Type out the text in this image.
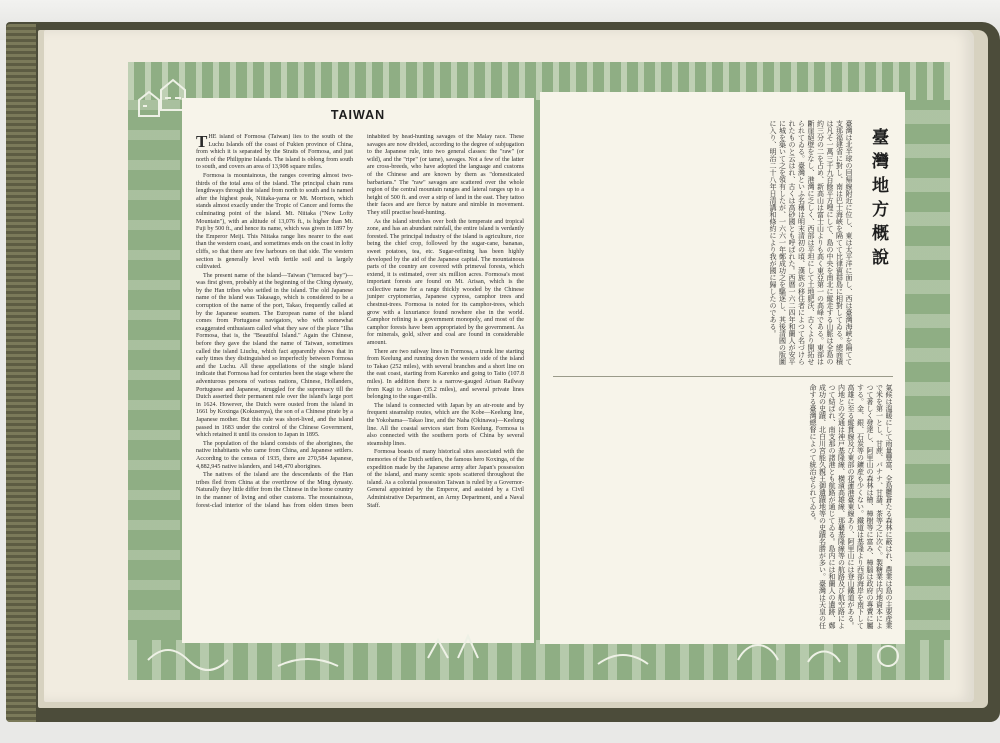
TAIWAN

THE island of Formosa (Taiwan) lies to the south of the Luchu Islands off the coast of Fukien province of China, from which it is separated by the Straits of Formosa, and just north of the Philippine Islands. The island is oblong from south to south, and covers an area of 13,908 square miles.

Formosa is mountainous, the ranges covering almost two-thirds of the total area of the island. The principal chain runs lengthways through the island from north to south and is named after the highest peak, Niitaka-yama or Mt. Morrison, which stands almost exactly under the Tropic of Cancer and forms the culminating point of the island. Mt. Niitaka ("New Lofty Mountain"), with an altitude of 13,076 ft., is higher than Mt. Fuji by 500 ft., and hence its name, which was given in 1897 by the Emperor Meiji. This Niitaka range lies nearer to the east than the western coast, and sometimes ends on the coast in lofty cliffs, so that there are few harbours on that side. The western section is generally level with fertile soil and is largely cultivated.

The present name of the island—Taiwan ("terraced bay")—was first given, probably at the beginning of the Ching dynasty, by the Han tribes who settled in the island. The old Japanese name of the island was Takasago, which is considered to be a corruption of the name of the port, Takao, frequently called at by the Japanese seamen. The European name of the island comes from Portuguese navigators, who with somewhat exaggerated enthusiasm called what they saw of the place "Ilha Formosa, that is, the "Beautiful Island." Again the Chinese, before they gave the island the name of Taiwan, sometimes called the island Liuchu, which fact apparently shows that in early times they distinguished so imperfectly between Formosa and the Luchu. All these appellations of the single island indicate that Formosa had for centuries been the stage where the adventurous persons of various nations, Chinese, Hollanders, Portuguese and Japanese, struggled for the supremacy till the Dutch asserted their permanent rule over the island's large port in 1624. However, the Dutch were ousted from the island in 1661 by Koxinga (Kokusenya), the son of a Chinese pirate by a Japanese mother. But this rule was short-lived, and the island passed in 1683 under the control of the Chinese Government, which retained it until its cession to Japan in 1895.

The population of the island consists of the aborigines, the native inhabitants who came from China, and Japanese settlers. According to the census of 1935, there are 270,584 Japanese, 4,882,945 native islanders, and 148,470 aborigines.

The natives of the island are the descendants of the Han tribes fled from China at the overthrow of the Ming dynasty. Naturally they little differ from the Chinese in the home country in the manner of living and other customs. The mountainous, forest-clad interior of the island has from olden times been inhabited by head-hunting savages of the Malay race. These savages are now divided, according to the degree of subjugation to the Japanese rule, into two general classes: the "raw" (or wild), and the "ripe" (or tame), savages. Not a few of the latter are cross-breeds, who have adopted the language and customs of the Chinese and are known by them as "domesticated barbarians." The "raw" savages are scattered over the whole region of the central mountain ranges and lateral ranges up to a height of 500 ft. and over a strip of land in the east. They tattoo their faces and are fierce by nature and nimble in movement. They still practise head-hunting.

As the island stretches over both the temperate and tropical zone, and has an abundant rainfall, the entire island is verdantly forested. The principal industry of the island is agriculture, rice being the chief crop, followed by the sugar-cane, bananas, sweet potatoes, tea, etc. Sugar-refining has been highly developed by the aid of the Japanese capital. The mountainous parts of the country are covered with primeval forests, which extend, it is estimated, over six million acres. Formosa's most important forests are found on Mt. Arisan, which is the collective name for a range thickly wooded by the Chinese juniper cryptomerias, Japanese cypress, camphor trees and chestnut-trees. Formosa is noted for its camphor-trees, which grow with a luxuriance found nowhere else in the world. Camphor refining is a government monopoly, and most of the camphor forests have been appropriated by the government. As for minerals, gold, silver and coal are found in considerable amount.

There are two railway lines in Formosa, a trunk line starting from Keelung and running down the western side of the island to Takao (252 miles), with several branches and a short line on the east coast, starting from Karenko and going to Taito (107.8 miles). In addition there is a narrow-gauged Arisan Railway from Kagi to Arisan (35.2 miles), and several private lines belonging to the sugar-mills.

The island is connected with Japan by an air-route and by frequent steamship routes, which are the Kobe—Keelung line, the Yokohama—Takao line, and the Naha (Okinawa)—Keelung line. All the coastal services start from Keelung. Formosa is also connected with the southern ports of China by several steamship lines.

Formosa boasts of many historical sites associated with the memories of the Dutch settlers, the famous hero Koxinga, of the expedition made by the Japanese army after Japan's possession of the island, and many scenic spots scattered throughout the island. As a colonial possession Taiwan is ruled by a Governor-General appointed by the Emperor, and assisted by a Civil Administrative Department, an Army Department, and a Naval Staff.

臺灣地方概說

臺灣は北半球の回帰線附近に位し、東は太平洋に面し、西は臺灣海峽を隔てて支那福建省に對し、南は巴士海峽を隔てて比律賓群島に相對してゐる。總面積は凡そ一萬三千九百餘平方哩にして、島の中央を南北に縱走する山脈は全島の約三分の二を占め、新高山は富士山よりも高く東亞第一の高峰である。東部は斷崖絕壁をなし、港灣に乏しく、西部は平坦にして土地肥沃、古くより開拓せられてゐる。臺灣といふ名稱は明末清初の頃、漢族の移住者によつて名づけられたものと云はれ、古くは高砂國とも呼ばれた。西暦一六二四年和蘭人が安平に城を築いて之を領有したが、一六六一年鄭成功之を驅逐し、其後清國の版圖に入り、明治二十八年日清講和條約により我が國に歸したのである。

氣候は溫暖にして雨量豐富、全島鬱蒼たる森林に蔽はれ、農業は島の主要産業で米を第一とし、甘蔗、バナナ、甘藷、茶等之に次ぐ。製糖業は内地資本によつて著しく發達し、阿里山の森林は檜、樟樹等に富み、樟腦は政府の專賣に屬する。金、銀、石炭等の鑛産も少くない。鐵道は基隆より西部海岸を南下して高雄に至る縱貫線及び東部の花蓮港臺東線あり、阿里山には登山鐵道がある。内地との交通は神戸基隆線、横濱高雄線、那覇基隆線等の航路及び航空路によつて結ばれ、南支那の諸港とも航路が通じてゐる。島内には和蘭人の遺跡、鄭成功の史蹟、北白川宮能久親王御遺蹟地等の史蹟名勝が多い。臺灣は天皇の任命する臺灣總督によつて統治せられてゐる。
